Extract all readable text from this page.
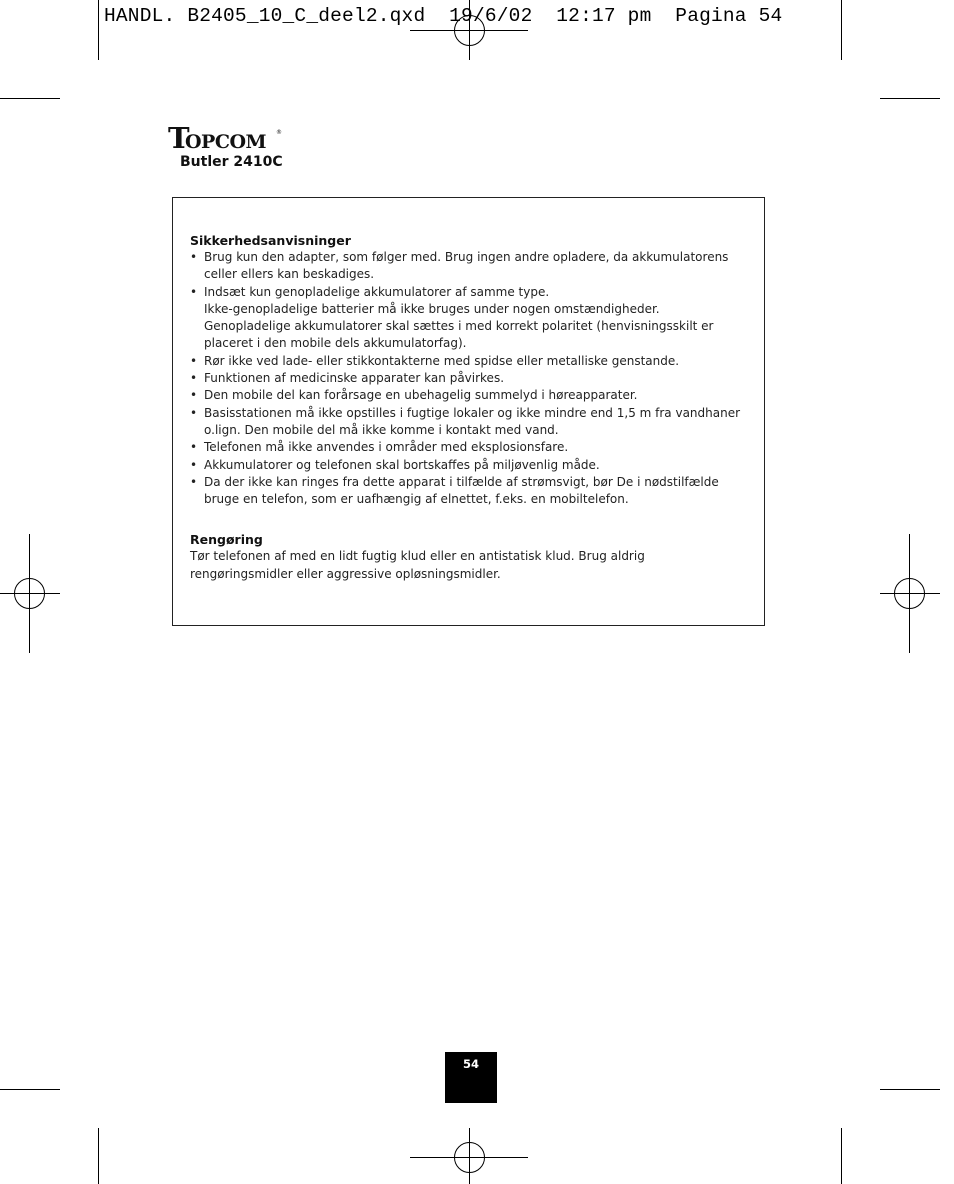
HANDL. B2405_10_C_deel2.qxd  19/6/02  12:17 pm  Pagina 54
T
OPCOM ®
Butler 2410C
Sikkerhedsanvisninger
• Brug kun den adapter, som følger med. Brug ingen andre opladere, da akkumulatorens
celler ellers kan beskadiges.
• Indsæt kun genopladelige akkumulatorer af samme type.
Ikke-genopladelige batterier må ikke bruges under nogen omstændigheder.
Genopladelige akkumulatorer skal sættes i med korrekt polaritet (henvisningsskilt er
placeret i den mobile dels akkumulatorfag).
• Rør ikke ved lade- eller stikkontakterne med spidse eller metalliske genstande.
• Funktionen af medicinske apparater kan påvirkes.
• Den mobile del kan forårsage en ubehagelig summelyd i høreapparater.
• Basisstationen må ikke opstilles i fugtige lokaler og ikke mindre end 1,5 m fra vandhaner
o.lign. Den mobile del må ikke komme i kontakt med vand.
• Telefonen må ikke anvendes i områder med eksplosionsfare.
• Akkumulatorer og telefonen skal bortskaffes på miljøvenlig måde.
• Da der ikke kan ringes fra dette apparat i tilfælde af strømsvigt, bør De i nødstilfælde
bruge en telefon, som er uafhængig af elnettet, f.eks. en mobiltelefon.
Rengøring
Tør telefonen af med en lidt fugtig klud eller en antistatisk klud. Brug aldrig
rengøringsmidler eller aggressive opløsningsmidler.
54
